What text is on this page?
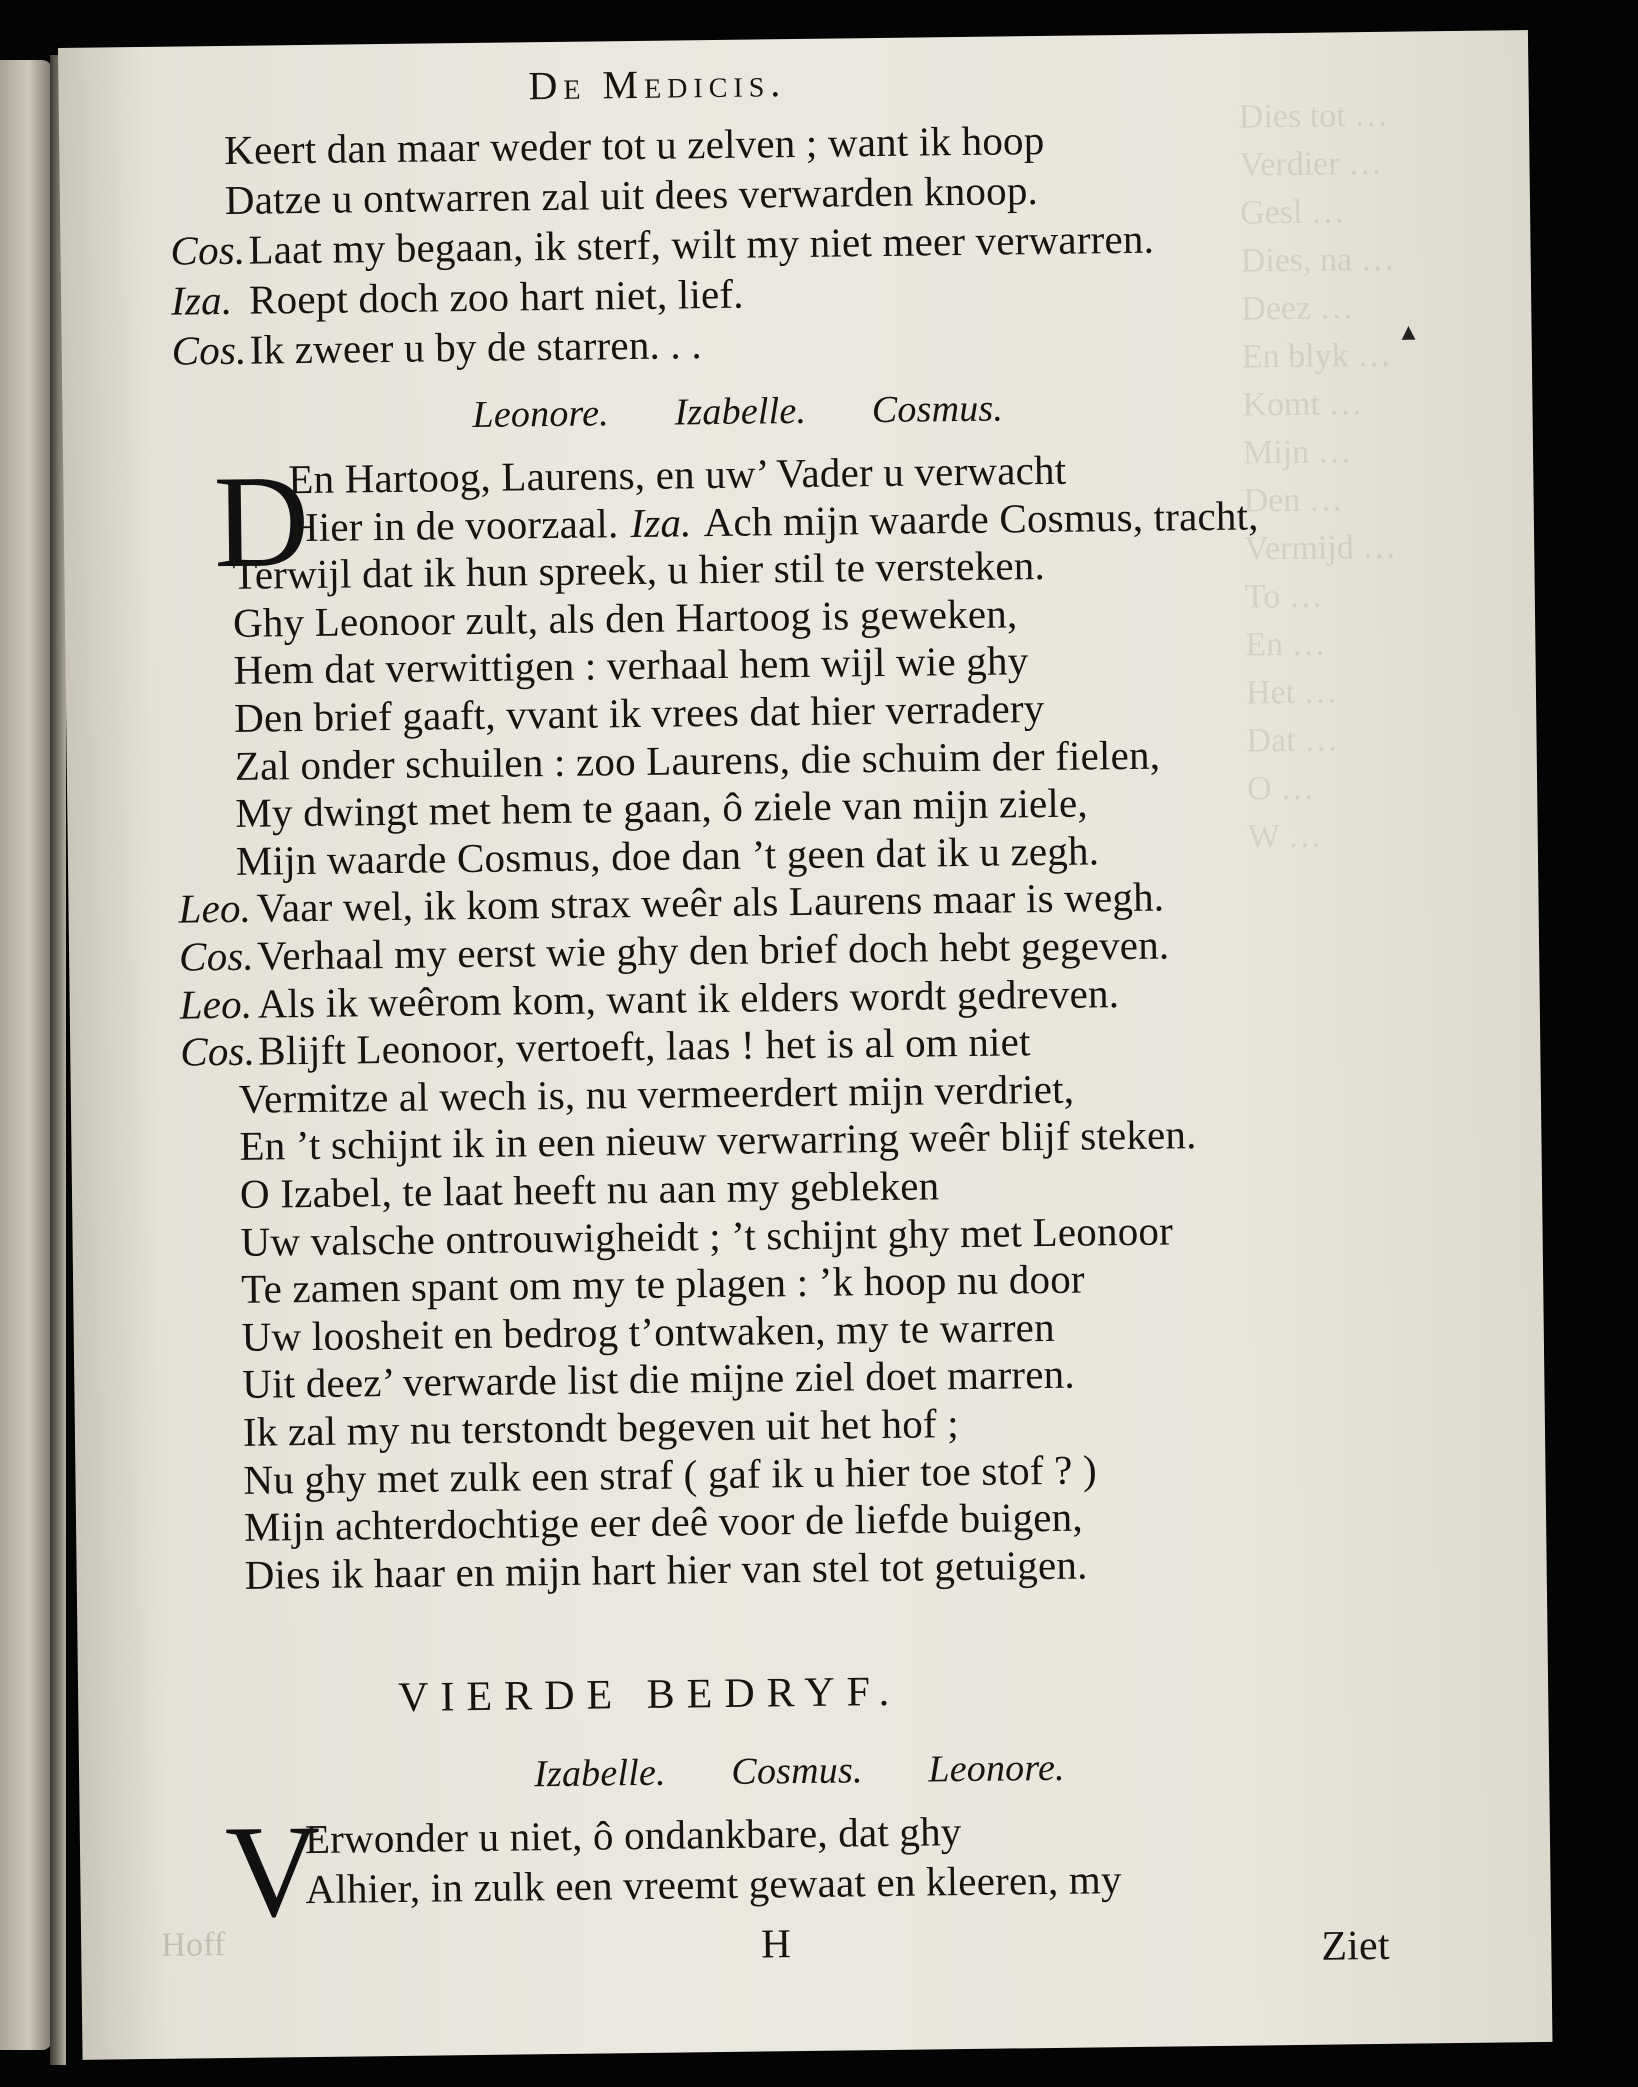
Dies tot …
Verdier …
Gesl …
Dies, na …
Deez …
En blyk …
Komt …
Mijn …
Den …
Vermijd …
To …
En …
Het …
Dat …
O …
W …
De Medicis.
Keert dan maar weder tot u zelven ; want ik hoop
Datze u ontwarren zal uit dees verwarden knoop.
Cos. Laat my begaan, ik sterf, wilt my niet meer verwarren.
Iza. Roept doch zoo hart niet, lief.
Cos. Ik zweer u by de starren. . .
Leonore. Izabelle. Cosmus.
D
En Hartoog, Laurens, en uw’ Vader u verwacht
Hier in de voorzaal. Iza. Ach mijn waarde Cosmus, tracht,
Terwijl dat ik hun spreek, u hier stil te versteken.
Ghy Leonoor zult, als den Hartoog is geweken,
Hem dat verwittigen : verhaal hem wijl wie ghy
Den brief gaaft, vvant ik vrees dat hier verradery
Zal onder schuilen : zoo Laurens, die schuim der fielen,
My dwingt met hem te gaan, ô ziele van mijn ziele,
Mijn waarde Cosmus, doe dan ’t geen dat ik u zegh.
Leo. Vaar wel, ik kom strax weêr als Laurens maar is wegh.
Cos. Verhaal my eerst wie ghy den brief doch hebt gegeven.
Leo. Als ik weêrom kom, want ik elders wordt gedreven.
Cos. Blijft Leonoor, vertoeft, laas ! het is al om niet
Vermitze al wech is, nu vermeerdert mijn verdriet,
En ’t schijnt ik in een nieuw verwarring weêr blijf steken.
O Izabel, te laat heeft nu aan my gebleken
Uw valsche ontrouwigheidt ; ’t schijnt ghy met Leonoor
Te zamen spant om my te plagen : ’k hoop nu door
Uw loosheit en bedrog t’ontwaken, my te warren
Uit deez’ verwarde list die mijne ziel doet marren.
Ik zal my nu terstondt begeven uit het hof ;
Nu ghy met zulk een straf ( gaf ik u hier toe stof ? )
Mijn achterdochtige eer deê voor de liefde buigen,
Dies ik haar en mijn hart hier van stel tot getuigen.
VIERDE BEDRYF.
Izabelle. Cosmus. Leonore.
V
Erwonder u niet, ô ondankbare, dat ghy
Alhier, in zulk een vreemt gewaat en kleeren, my
Hoff	H	Ziet
▲
